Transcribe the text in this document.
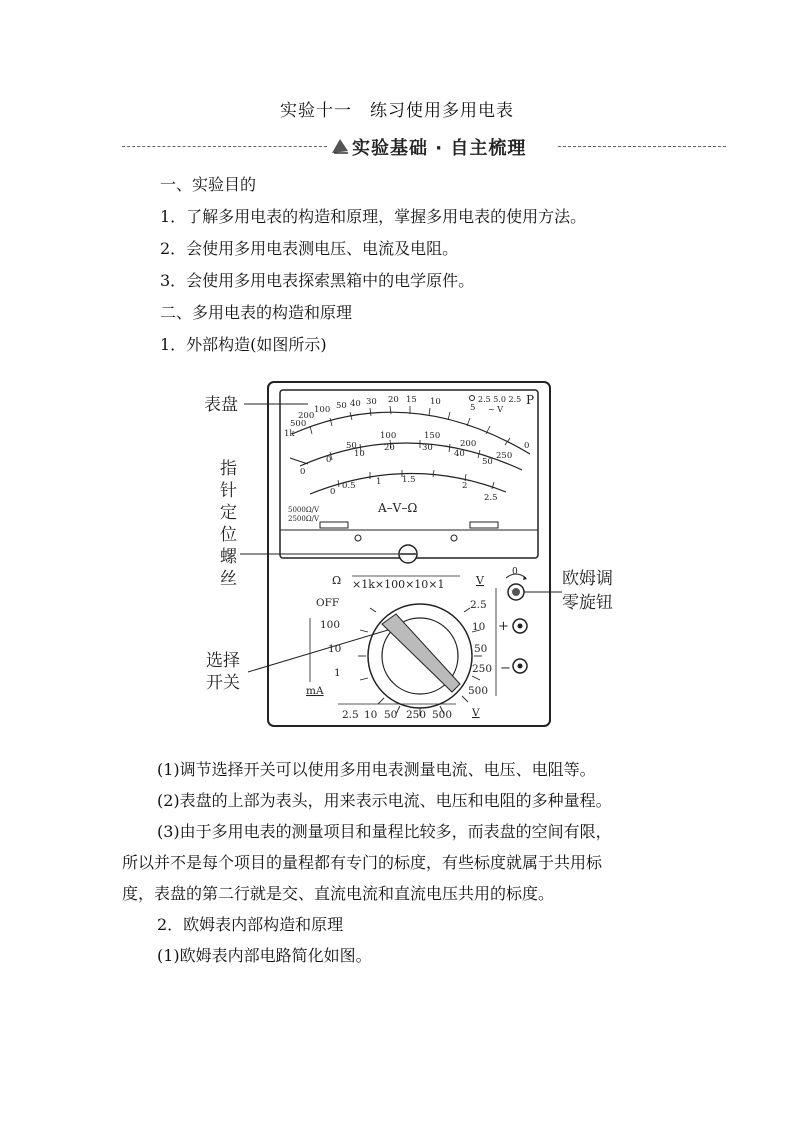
实验十一　练习使用多用电表
实验基础 · 自主梳理
一、实验目的
1．了解多用电表的构造和原理，掌握多用电表的使用方法。
2．会使用多用电表测电压、电流及电阻。
3．会使用多用电表探索黑箱中的电学原件。
二、多用电表的构造和原理
1．外部构造(如图所示)
1k
500
200
100 50 40 30 20 15 10
5
0
0
50
100	150
200
250
0
10
20	30
40
50
0
0.5 1 1.5
2
2.5
2.5 5.0 2.5
~ V
P
A–V–Ω
5000Ω/V
2500Ω/V
Ω ×1k×100×10×1	V
0
OFF
100
10
1
mA
2.5
10
50
250
500
2.5 10 50 250 500 V
+
−
表盘
指
针
定
位
螺
丝
选择
开关
欧姆调
零旋钮
(1)调节选择开关可以使用多用电表测量电流、电压、电阻等。
(2)表盘的上部为表头，用来表示电流、电压和电阻的多种量程。
(3)由于多用电表的测量项目和量程比较多，而表盘的空间有限，
所以并不是每个项目的量程都有专门的标度，有些标度就属于共用标
度，表盘的第二行就是交、直流电流和直流电压共用的标度。
2．欧姆表内部构造和原理
(1)欧姆表内部电路简化如图。
